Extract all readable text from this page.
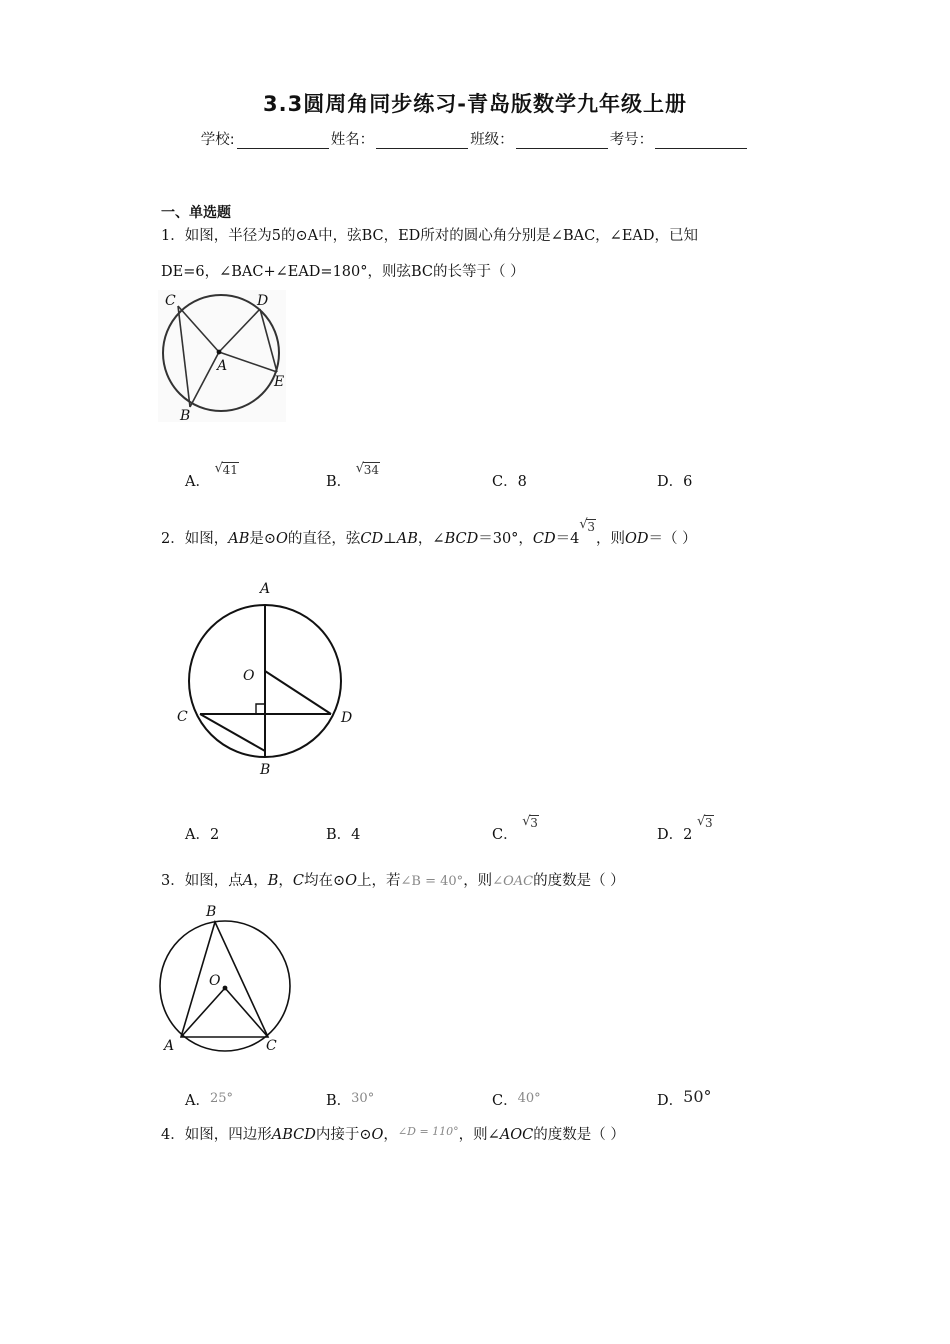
3.3圆周角同步练习-青岛版数学九年级上册
学校:	姓名：	班级：	考号：
一、单选题
1．如图，半径为5的⊙A中，弦BC，ED所对的圆心角分别是∠BAC，∠EAD，已知
DE=6，∠BAC+∠EAD=180°，则弦BC的长等于（ ）
C	D
A
E
B
A．
√ 41
B．
√ 34
C．8	D．6
2．如图，AB是⊙O的直径，弦CD⊥AB，∠BCD＝30°，CD＝4
√ 3，则OD＝（ ）
A
O
C	D
B
A．2	B．4	C．
√ 3
D．2
√ 3
3．如图，点A，B，C均在⊙O上，若∠B = 40°，则∠OAC的度数是（ ）
B
O
A	C
A．25°	B．30°	C．40°	D．50°
4．如图，四边形ABCD内接于⊙O，$^{\angle D = 110^\circ}$，则∠AOC的度数是（ ）
